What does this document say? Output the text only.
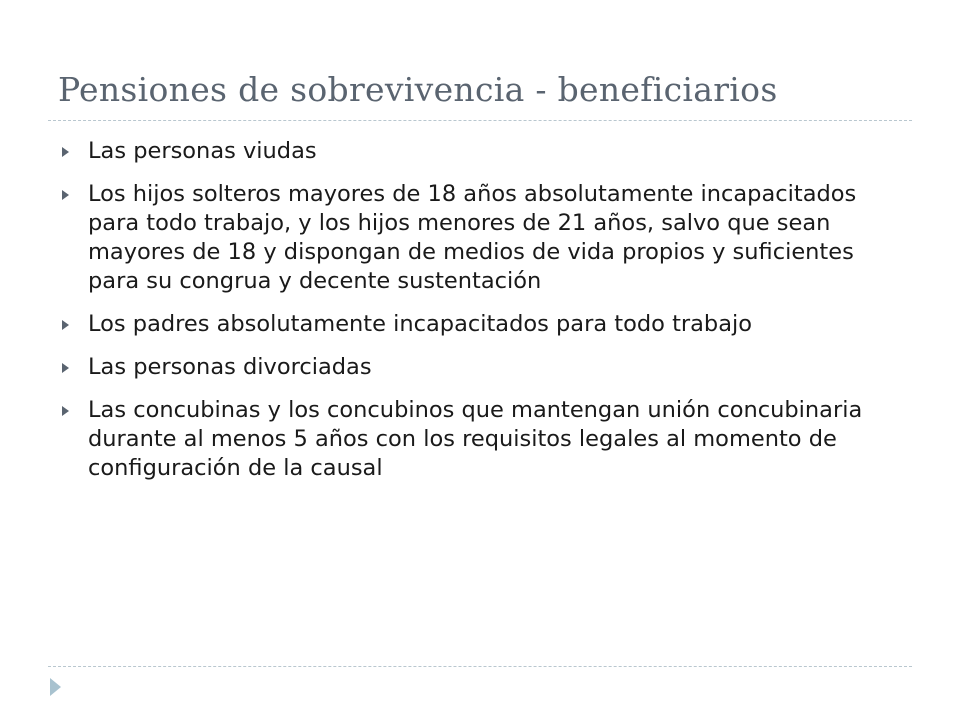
Pensiones de sobrevivencia - beneficiarios
Las personas viudas
Los hijos solteros mayores de 18 años absolutamente incapacitados para todo trabajo, y los hijos menores de 21 años, salvo que sean mayores de 18 y dispongan de medios de vida propios y suficientes para su congrua y decente sustentación
Los padres absolutamente incapacitados para todo trabajo
Las personas divorciadas
Las concubinas y los concubinos que mantengan unión concubinaria durante al menos 5 años con los requisitos legales al momento de configuración de la causal
